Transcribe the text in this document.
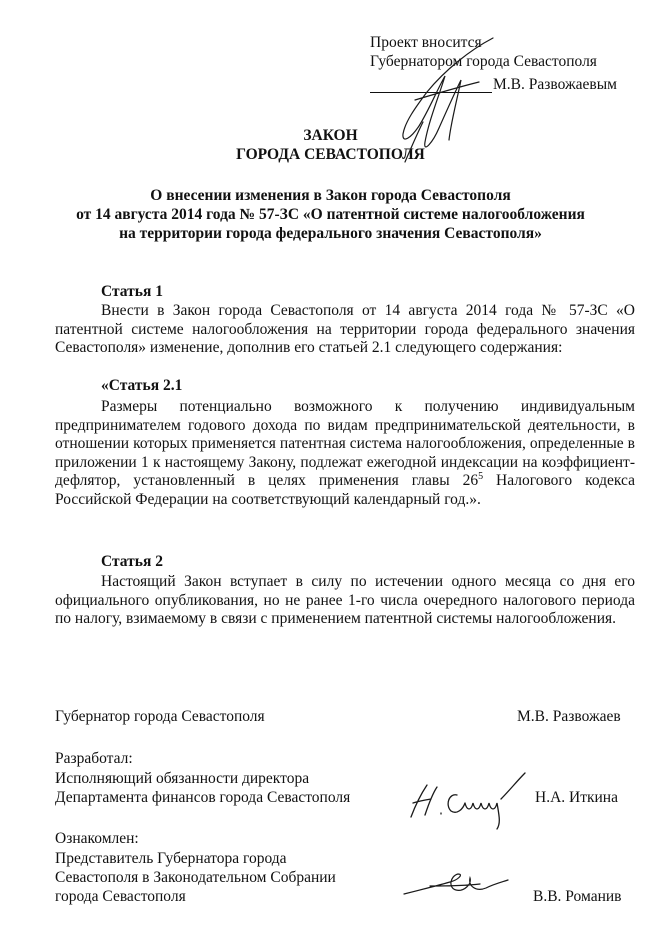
Проект вносится
Губернатором города Севастополя
М.В. Развожаевым
ЗАКОН
ГОРОДА СЕВАСТОПОЛЯ
О внесении изменения в Закон города Севастополя
от 14 августа 2014 года № 57-ЗС «О патентной системе налогообложения
на территории города федерального значения Севастополя»
Статья 1

Внести в Закон города Севастополя от 14 августа 2014 года № 57-ЗС «О патентной системе налогообложения на территории города федерального значения Севастополя» изменение, дополнив его статьей 2.1 следующего содержания:

«Статья 2.1

Размеры потенциально возможного к получению индивидуальным предпринимателем годового дохода по видам предпринимательской деятельности, в отношении которых применяется патентная система налогообложения, определенные в приложении 1 к настоящему Закону, подлежат ежегодной индексации на коэффициент-дефлятор, установленный в целях применения главы $26^5$ Налогового кодекса Российской Федерации на соответствующий календарный год.».

Статья 2

Настоящий Закон вступает в силу по истечении одного месяца со дня его официального опубликования, но не ранее 1-го числа очередного налогового периода по налогу, взимаемому в связи с применением патентной системы налогообложения.

Губернатор города Севастополя	М.В. Развожаев
Разработал:
Исполняющий обязанности директора
Департамента финансов города Севастополя	Н.А. Иткина
Ознакомлен:
Представитель Губернатора города
Севастополя в Законодательном Собрании
города Севастополя	В.В. Романив
